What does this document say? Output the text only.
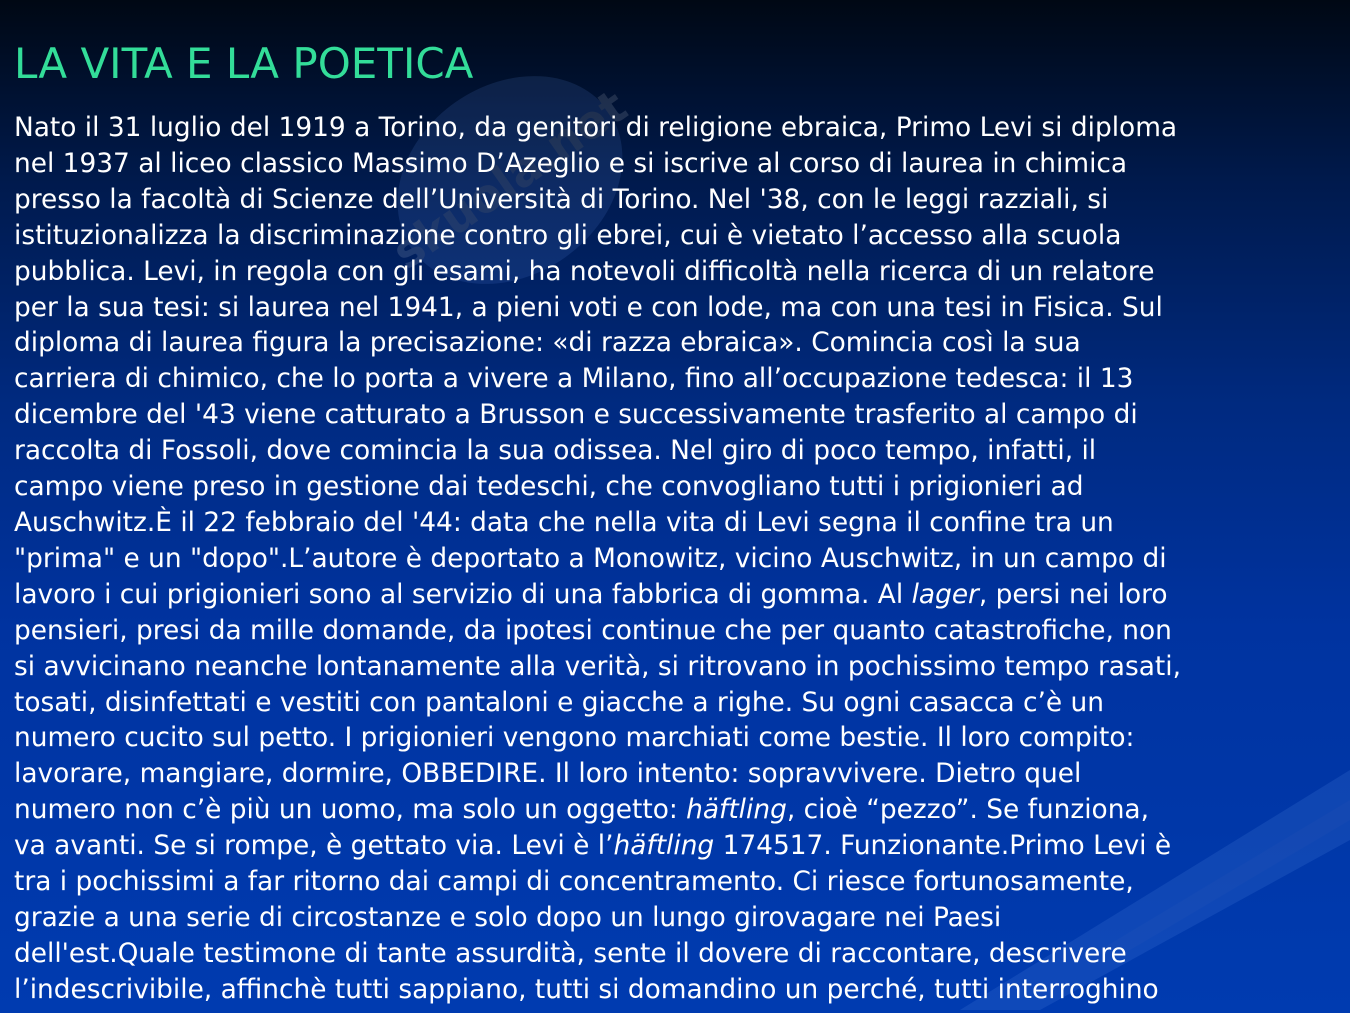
skuola.net
LA VITA E LA POETICA
Nato il 31 luglio del 1919 a Torino, da genitori di religione ebraica, Primo Levi si diploma
nel 1937 al liceo classico Massimo D’Azeglio e si iscrive al corso di laurea in chimica
presso la facoltà di Scienze dell’Università di Torino. Nel '38, con le leggi razziali, si
istituzionalizza la discriminazione contro gli ebrei, cui è vietato l’accesso alla scuola
pubblica. Levi, in regola con gli esami, ha notevoli difficoltà nella ricerca di un relatore
per la sua tesi: si laurea nel 1941, a pieni voti e con lode, ma con una tesi in Fisica. Sul
diploma di laurea figura la precisazione: «di razza ebraica». Comincia così la sua
carriera di chimico, che lo porta a vivere a Milano, fino all’occupazione tedesca: il 13
dicembre del '43 viene catturato a Brusson e successivamente trasferito al campo di
raccolta di Fossoli, dove comincia la sua odissea. Nel giro di poco tempo, infatti, il
campo viene preso in gestione dai tedeschi, che convogliano tutti i prigionieri ad
Auschwitz.È il 22 febbraio del '44: data che nella vita di Levi segna il confine tra un
"prima" e un "dopo".L’autore è deportato a Monowitz, vicino Auschwitz, in un campo di
lavoro i cui prigionieri sono al servizio di una fabbrica di gomma. Al lager, persi nei loro
pensieri, presi da mille domande, da ipotesi continue che per quanto catastrofiche, non
si avvicinano neanche lontanamente alla verità, si ritrovano in pochissimo tempo rasati,
tosati, disinfettati e vestiti con pantaloni e giacche a righe. Su ogni casacca c’è un
numero cucito sul petto. I prigionieri vengono marchiati come bestie. Il loro compito:
lavorare, mangiare, dormire, OBBEDIRE. Il loro intento: sopravvivere. Dietro quel
numero non c’è più un uomo, ma solo un oggetto: häftling, cioè “pezzo”. Se funziona,
va avanti. Se si rompe, è gettato via. Levi è l’häftling 174517. Funzionante.Primo Levi è
tra i pochissimi a far ritorno dai campi di concentramento. Ci riesce fortunosamente,
grazie a una serie di circostanze e solo dopo un lungo girovagare nei Paesi
dell'est.Quale testimone di tante assurdità, sente il dovere di raccontare, descrivere
l’indescrivibile, affinchè tutti sappiano, tutti si domandino un perché, tutti interroghino
